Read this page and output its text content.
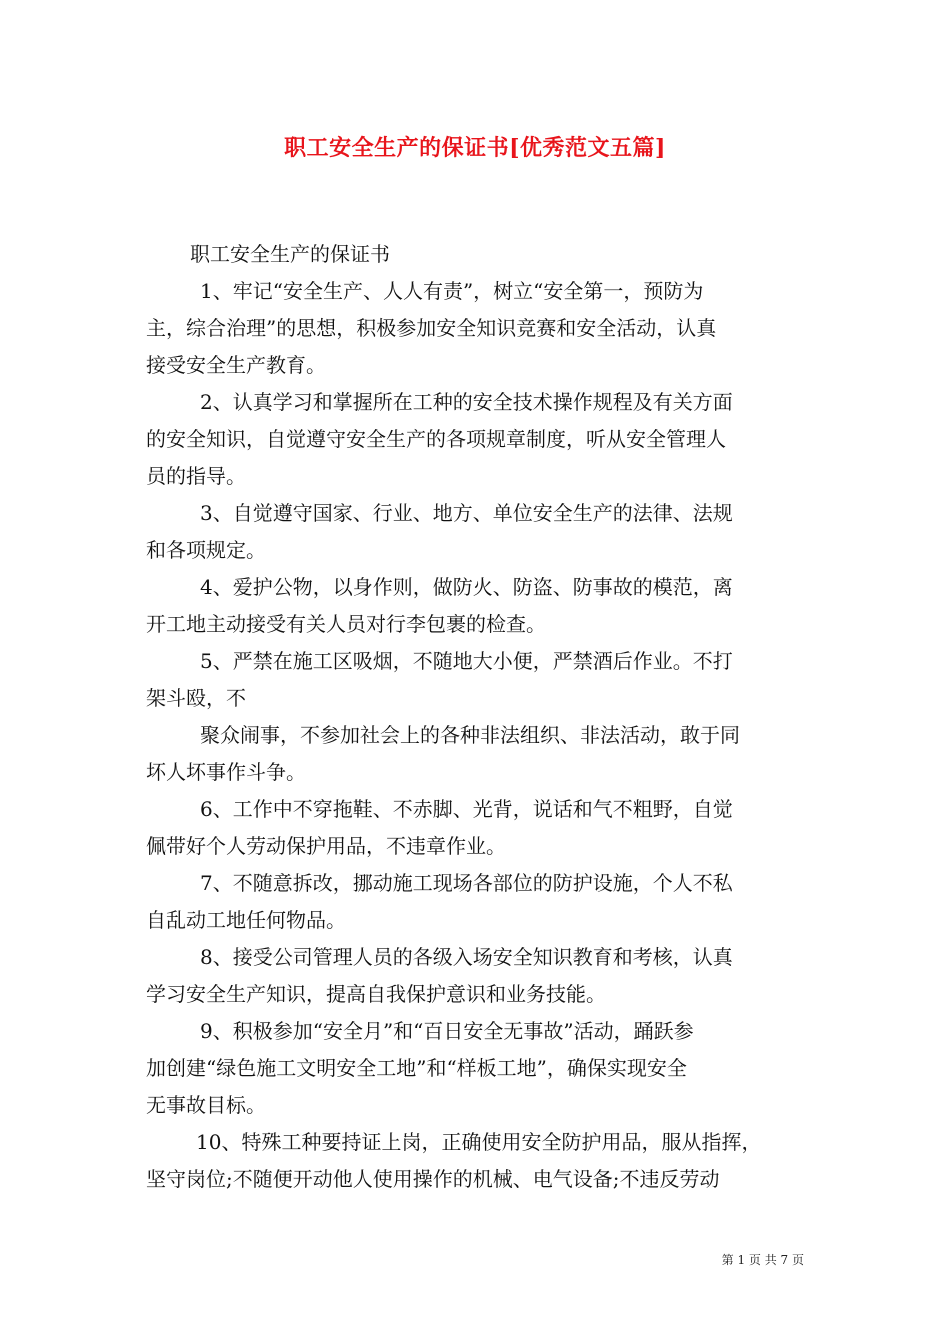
职工安全生产的保证书[优秀范文五篇]
职工安全生产的保证书
1、牢记“安全生产、人人有责”，树立“安全第一，预防为
主，综合治理”的思想，积极参加安全知识竞赛和安全活动，认真
接受安全生产教育。
2、认真学习和掌握所在工种的安全技术操作规程及有关方面
的安全知识，自觉遵守安全生产的各项规章制度，听从安全管理人
员的指导。
3、自觉遵守国家、行业、地方、单位安全生产的法律、法规
和各项规定。
4、爱护公物，以身作则，做防火、防盗、防事故的模范，离
开工地主动接受有关人员对行李包裹的检查。
5、严禁在施工区吸烟，不随地大小便，严禁酒后作业。不打
架斗殴，不
聚众闹事，不参加社会上的各种非法组织、非法活动，敢于同
坏人坏事作斗争。
6、工作中不穿拖鞋、不赤脚、光背，说话和气不粗野，自觉
佩带好个人劳动保护用品，不违章作业。
7、不随意拆改，挪动施工现场各部位的防护设施，个人不私
自乱动工地任何物品。
8、接受公司管理人员的各级入场安全知识教育和考核，认真
学习安全生产知识，提高自我保护意识和业务技能。
9、积极参加“安全月”和“百日安全无事故”活动，踊跃参
加创建“绿色施工文明安全工地”和“样板工地”，确保实现安全
无事故目标。
10、特殊工种要持证上岗，正确使用安全防护用品，服从指挥，
坚守岗位;不随便开动他人使用操作的机械、电气设备;不违反劳动
第 1 页 共 7 页
